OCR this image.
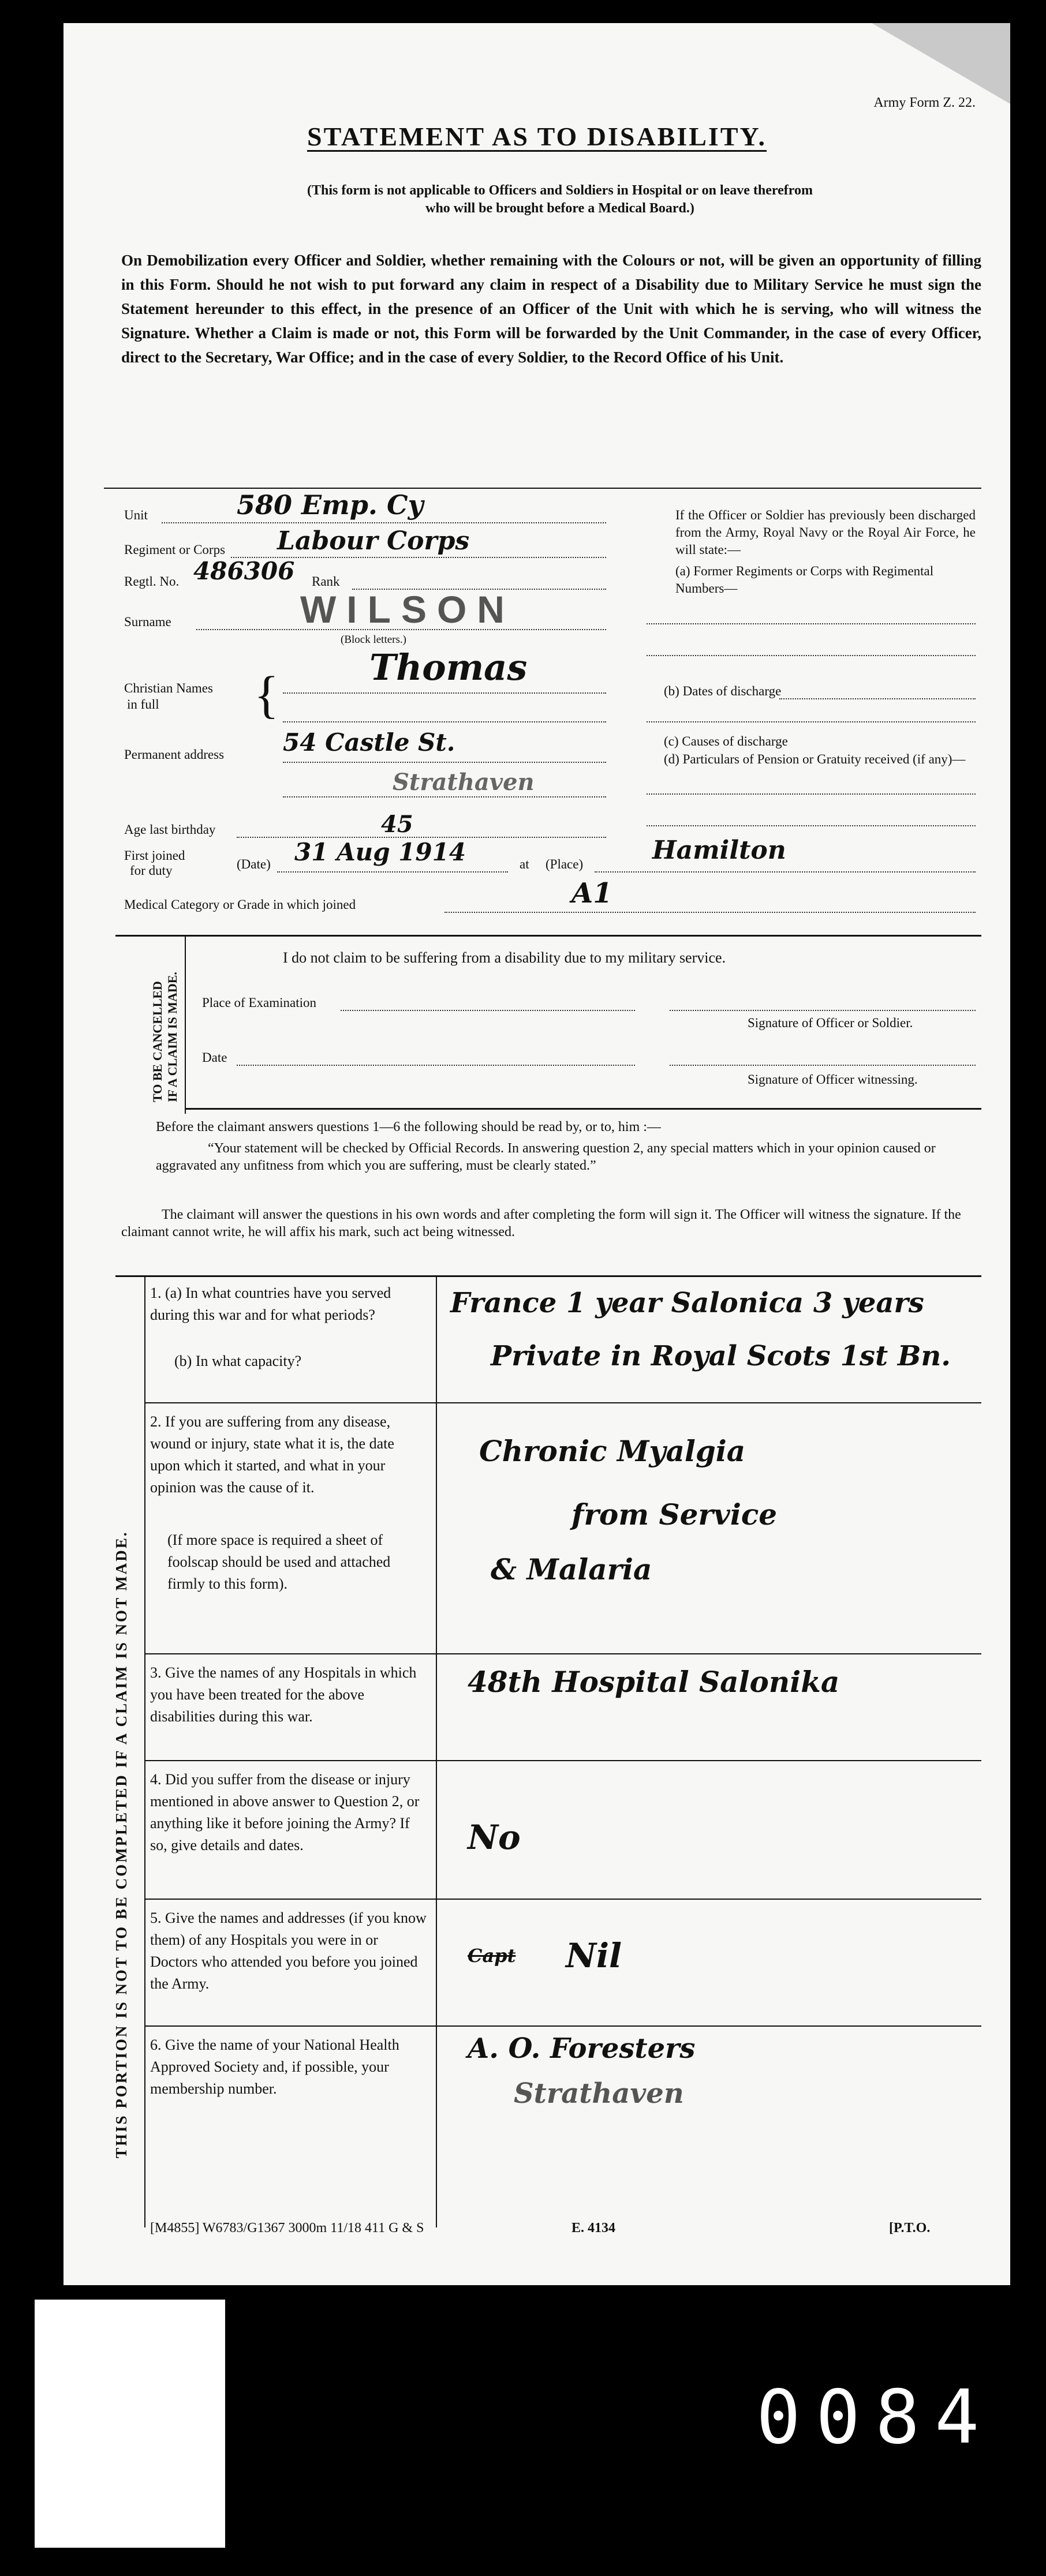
Army Form Z. 22.
STATEMENT AS TO DISABILITY.
(This form is not applicable to Officers and Soldiers in Hospital or on leave therefrom
who will be brought before a Medical Board.)
On Demobilization every Officer and Soldier, whether remaining with the Colours or not, will be given an opportunity of filling in this Form. Should he not wish to put forward any claim in respect of a Disability due to Military Service he must sign the Statement hereunder to this effect, in the presence of an Officer of the Unit with which he is serving, who will witness the Signature. Whether a Claim is made or not, this Form will be forwarded by the Unit Commander, in the case of every Officer, direct to the Secretary, War Office; and in the case of every Soldier, to the Record Office of his Unit.
Unit	580 Emp. Cy
Regiment or Corps Labour Corps
Regtl. No. 486306 Rank
Surname	WILSON
(Block letters.)
Christian Names
in full {	Thomas
Permanent address 54 Castle St.
Strathaven
Age last birthday	45
First joined
for duty	(Date) 31 Aug 1914	at (Place)	Hamilton
Medical Category or Grade in which joined	A1
If the Officer or Soldier has previously been discharged from the Army, Royal Navy or the Royal Air Force, he will state:—
(a) Former Regiments or Corps with Regimental Numbers—
(b) Dates of discharge
(c) Causes of discharge
(d) Particulars of Pension or Gratuity received (if any)—
TO BE CANCELLED IF A CLAIM IS MADE.
I do not claim to be suffering from a disability due to my military service.
Place of Examination
Signature of Officer or Soldier.
Date
Signature of Officer witnessing.
Before the claimant answers questions 1—6 the following should be read by, or to, him :—
“Your statement will be checked by Official Records. In answering question 2, any special matters which in your opinion caused or aggravated any unfitness from which you are suffering, must be clearly stated.”
The claimant will answer the questions in his own words and after completing the form will sign it. The Officer will witness the signature. If the claimant cannot write, he will affix his mark, such act being witnessed.
THIS PORTION IS NOT TO BE COMPLETED IF A CLAIM IS NOT MADE.
1. (a) In what countries have you served during this war and for what periods?
(b) In what capacity?
France 1 year Salonica 3 years
Private in Royal Scots 1st Bn.
2. If you are suffering from any disease, wound or injury, state what it is, the date upon which it started, and what in your opinion was the cause of it.
(If more space is required a sheet of foolscap should be used and attached firmly to this form).
Chronic Myalgia
from Service
& Malaria
3. Give the names of any Hospitals in which you have been treated for the above disabilities during this war.
48th Hospital Salonika
4. Did you suffer from the disease or injury mentioned in above answer to Question 2, or anything like it before joining the Army? If so, give details and dates.	No
5. Give the names and addresses (if you know them) of any Hospitals you were in or Doctors who attended you before you joined the Army.
Capt Nil
6. Give the name of your National Health Approved Society and, if possible, your membership number.
A. O. Foresters
Strathaven
[M4855] W6783/G1367 3000m 11/18 411 G & S	E. 4134	[P.T.O.
0084
